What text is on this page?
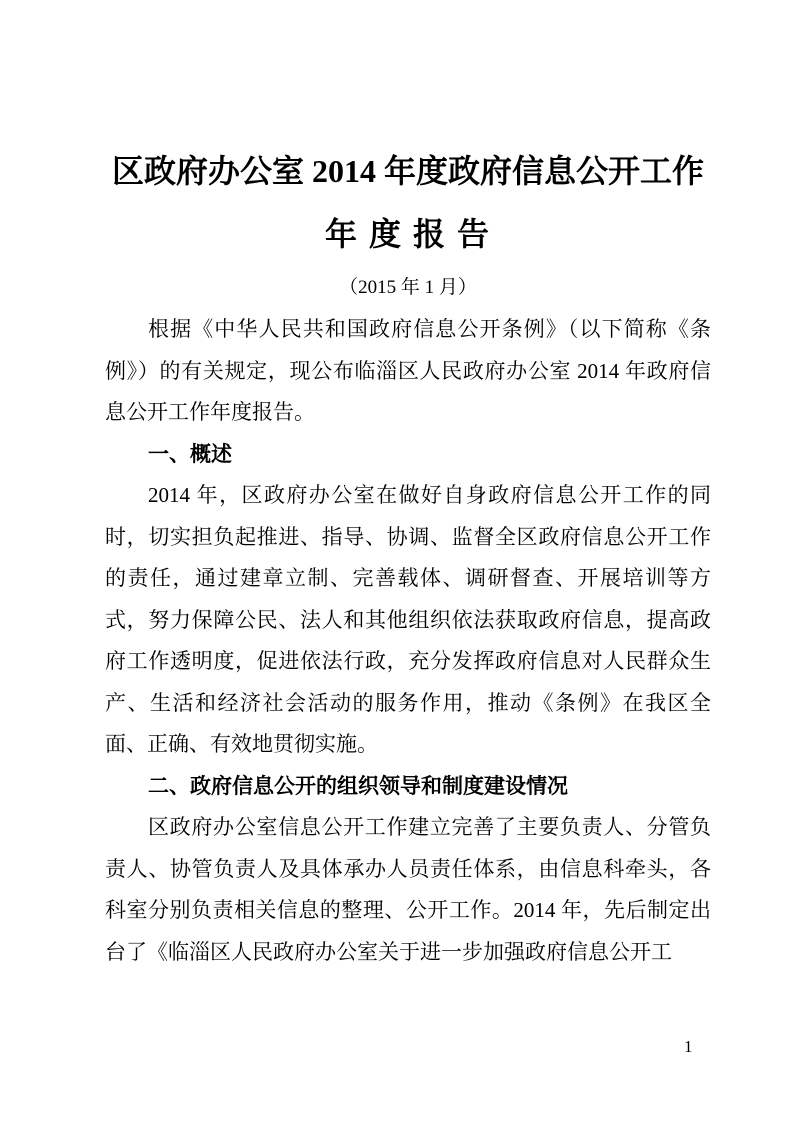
区政府办公室 2014 年度政府信息公开工作
年 度 报 告

（2015 年 1 月）

根据《中华人民共和国政府信息公开条例》（以下简称《条例》）的有关规定，现公布临淄区人民政府办公室 2014 年政府信息公开工作年度报告。

一、概述

2014 年，区政府办公室在做好自身政府信息公开工作的同时，切实担负起推进、指导、协调、监督全区政府信息公开工作的责任，通过建章立制、完善载体、调研督查、开展培训等方式，努力保障公民、法人和其他组织依法获取政府信息，提高政府工作透明度，促进依法行政，充分发挥政府信息对人民群众生产、生活和经济社会活动的服务作用，推动《条例》在我区全面、正确、有效地贯彻实施。

二、政府信息公开的组织领导和制度建设情况

区政府办公室信息公开工作建立完善了主要负责人、分管负责人、协管负责人及具体承办人员责任体系，由信息科牵头，各科室分别负责相关信息的整理、公开工作。2014 年，先后制定出台了《临淄区人民政府办公室关于进一步加强政府信息公开工

1
